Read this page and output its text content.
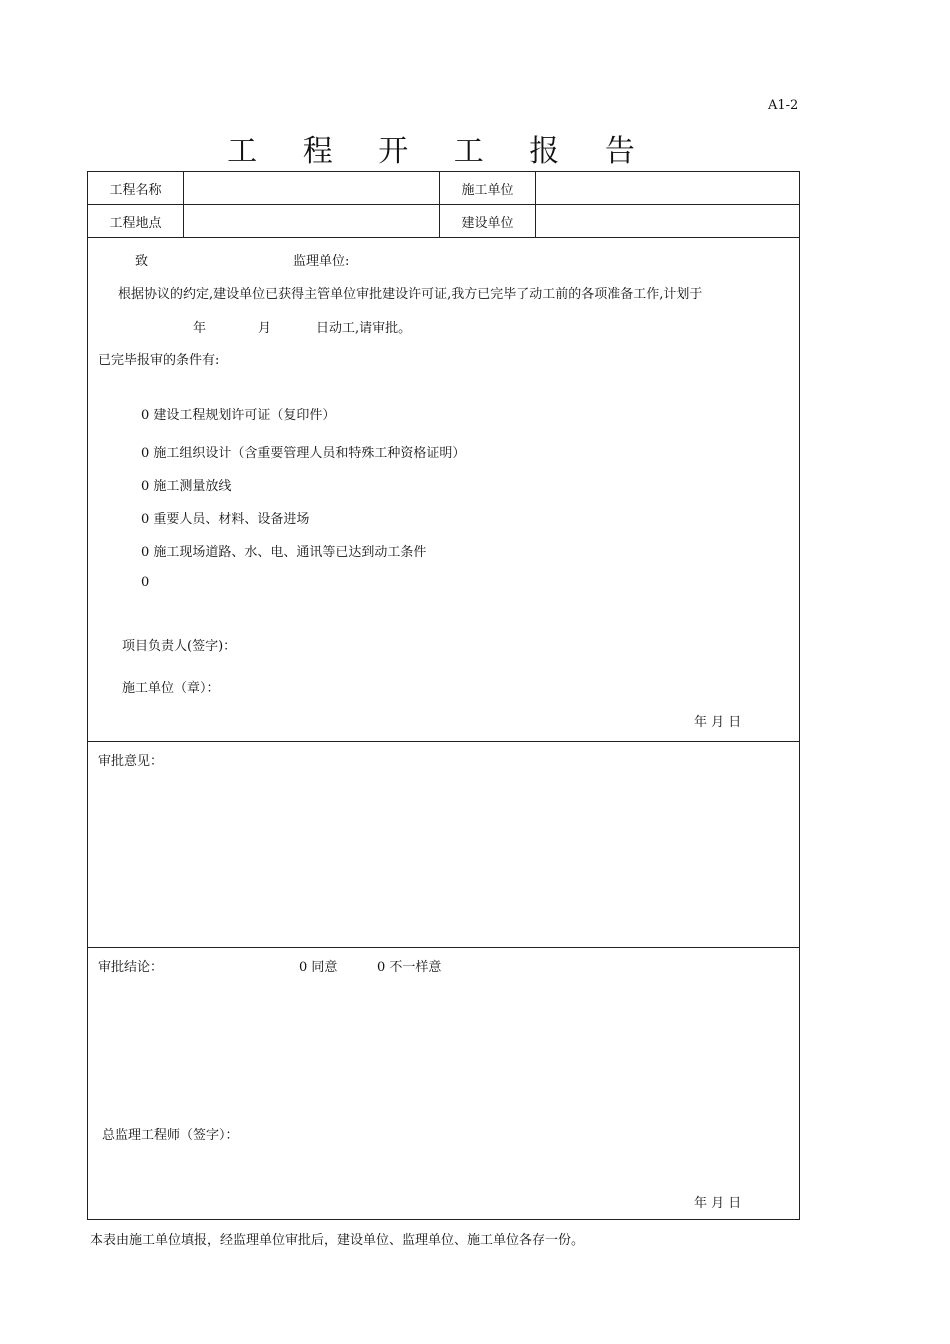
A1-2
工 程 开 工 报 告
工程名称	施工单位
工程地点	建设单位
致	监理单位:
根据协议的约定,建设单位已获得主管单位审批建设许可证,我方已完毕了动工前的各项准备工作,计划于
年	月	日动工,请审批。
已完毕报审的条件有:
0 建设工程规划许可证（复印件）
0 施工组织设计（含重要管理人员和特殊工种资格证明）
0 施工测量放线
0 重要人员、材料、设备进场
0 施工现场道路、水、电、通讯等已达到动工条件
0
项目负责人(签字)：
施工单位（章）：
年 月 日
审批意见：
审批结论：	0 同意	0 不一样意
总监理工程师（签字）：
年 月 日
本表由施工单位填报，经监理单位审批后，建设单位、监理单位、施工单位各存一份。
